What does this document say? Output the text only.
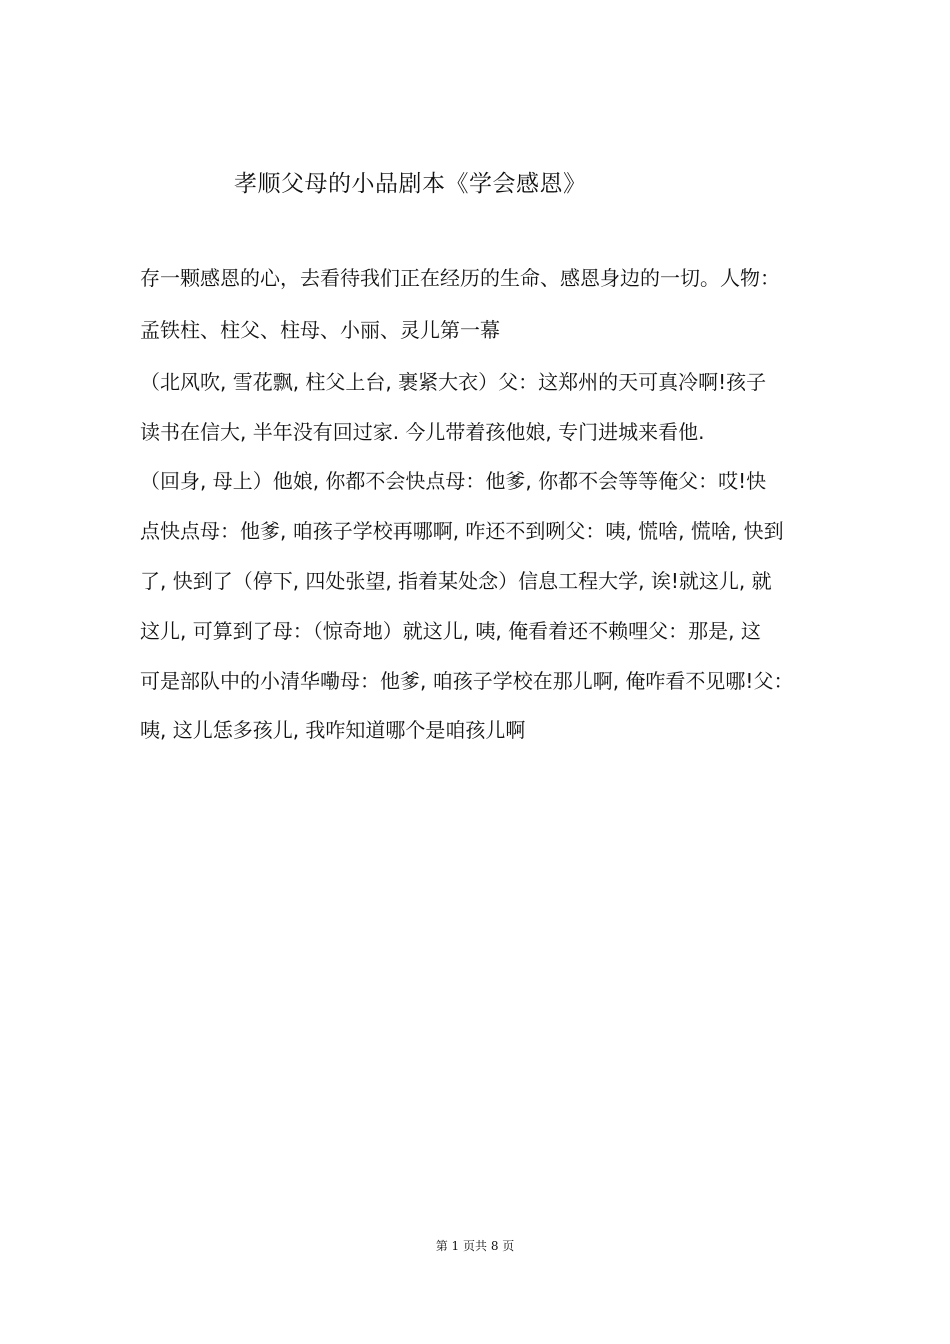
孝顺父母的小品剧本《学会感恩》
存一颗感恩的心，去看待我们正在经历的生命、感恩身边的一切。人物：
孟铁柱、柱父、柱母、小丽、灵儿第一幕
（北风吹, 雪花飘, 柱父上台, 裹紧大衣）父：这郑州的天可真冷啊!孩子
读书在信大, 半年没有回过家. 今儿带着孩他娘, 专门进城来看他.
（回身, 母上）他娘, 你都不会快点母：他爹, 你都不会等等俺父：哎!快
点快点母：他爹, 咱孩子学校再哪啊, 咋还不到咧父：咦, 慌啥, 慌啥, 快到
了, 快到了（停下, 四处张望, 指着某处念）信息工程大学, 诶!就这儿, 就
这儿, 可算到了母：（惊奇地）就这儿, 咦, 俺看着还不赖哩父：那是, 这
可是部队中的小清华嘞母：他爹, 咱孩子学校在那儿啊, 俺咋看不见哪!父：
咦, 这儿恁多孩儿, 我咋知道哪个是咱孩儿啊
第 1 页共 8 页
